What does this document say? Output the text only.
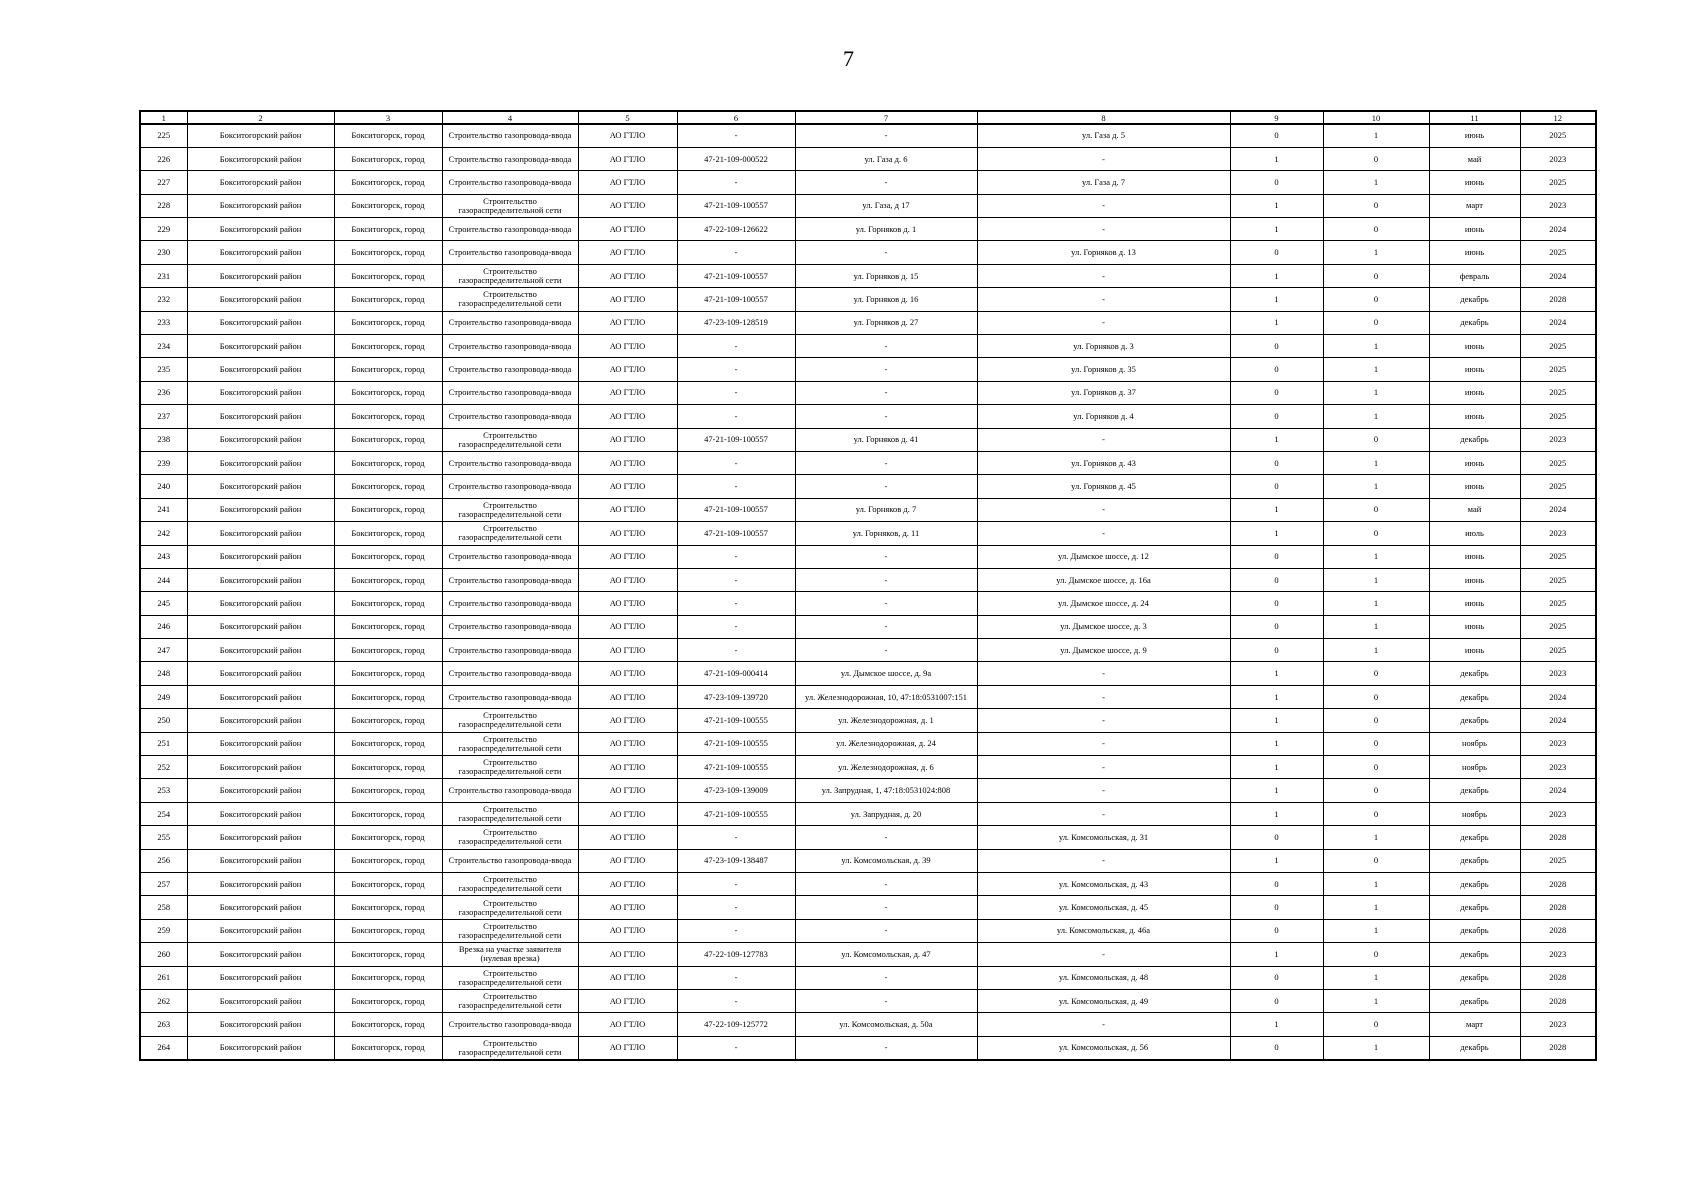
7
1	2	3	4	5	6	7	8	9	10	11	12
225	Бокситогорский район	Бокситогорск, город	Строительство газопровода-ввода	АО ГТЛО	-	-	ул. Газа д. 5	0	1	июнь	2025
226	Бокситогорский район	Бокситогорск, город	Строительство газопровода-ввода	АО ГТЛО	47-21-109-000522	ул. Газа д. 6	-	1	0	май	2023
227	Бокситогорский район	Бокситогорск, город	Строительство газопровода-ввода	АО ГТЛО	-	-	ул. Газа д. 7	0	1	июнь	2025
228	Бокситогорский район	Бокситогорск, город	Строительство газораспределительной сети	АО ГТЛО	47-21-109-100557	ул. Газа, д 17	-	1	0	март	2023
229	Бокситогорский район	Бокситогорск, город	Строительство газопровода-ввода	АО ГТЛО	47-22-109-126622	ул. Горняков д. 1	-	1	0	июнь	2024
230	Бокситогорский район	Бокситогорск, город	Строительство газопровода-ввода	АО ГТЛО	-	-	ул. Горняков д. 13	0	1	июнь	2025
231	Бокситогорский район	Бокситогорск, город	Строительство газораспределительной сети	АО ГТЛО	47-21-109-100557	ул. Горняков д. 15	-	1	0	февраль	2024
232	Бокситогорский район	Бокситогорск, город	Строительство газораспределительной сети	АО ГТЛО	47-21-109-100557	ул. Горняков д. 16	-	1	0	декабрь	2028
233	Бокситогорский район	Бокситогорск, город	Строительство газопровода-ввода	АО ГТЛО	47-23-109-128519	ул. Горняков д. 27	-	1	0	декабрь	2024
234	Бокситогорский район	Бокситогорск, город	Строительство газопровода-ввода	АО ГТЛО	-	-	ул. Горняков д. 3	0	1	июнь	2025
235	Бокситогорский район	Бокситогорск, город	Строительство газопровода-ввода	АО ГТЛО	-	-	ул. Горняков д. 35	0	1	июнь	2025
236	Бокситогорский район	Бокситогорск, город	Строительство газопровода-ввода	АО ГТЛО	-	-	ул. Горняков д. 37	0	1	июнь	2025
237	Бокситогорский район	Бокситогорск, город	Строительство газопровода-ввода	АО ГТЛО	-	-	ул. Горняков д. 4	0	1	июнь	2025
238	Бокситогорский район	Бокситогорск, город	Строительство газораспределительной сети	АО ГТЛО	47-21-109-100557	ул. Горняков д. 41	-	1	0	декабрь	2023
239	Бокситогорский район	Бокситогорск, город	Строительство газопровода-ввода	АО ГТЛО	-	-	ул. Горняков д. 43	0	1	июнь	2025
240	Бокситогорский район	Бокситогорск, город	Строительство газопровода-ввода	АО ГТЛО	-	-	ул. Горняков д. 45	0	1	июнь	2025
241	Бокситогорский район	Бокситогорск, город	Строительство газораспределительной сети	АО ГТЛО	47-21-109-100557	ул. Горняков д. 7	-	1	0	май	2024
242	Бокситогорский район	Бокситогорск, город	Строительство газораспределительной сети	АО ГТЛО	47-21-109-100557	ул. Горняков, д. 11	-	1	0	июль	2023
243	Бокситогорский район	Бокситогорск, город	Строительство газопровода-ввода	АО ГТЛО	-	-	ул. Дымское шоссе, д. 12	0	1	июнь	2025
244	Бокситогорский район	Бокситогорск, город	Строительство газопровода-ввода	АО ГТЛО	-	-	ул. Дымское шоссе, д. 16а	0	1	июнь	2025
245	Бокситогорский район	Бокситогорск, город	Строительство газопровода-ввода	АО ГТЛО	-	-	ул. Дымское шоссе, д. 24	0	1	июнь	2025
246	Бокситогорский район	Бокситогорск, город	Строительство газопровода-ввода	АО ГТЛО	-	-	ул. Дымское шоссе, д. 3	0	1	июнь	2025
247	Бокситогорский район	Бокситогорск, город	Строительство газопровода-ввода	АО ГТЛО	-	-	ул. Дымское шоссе, д. 9	0	1	июнь	2025
248	Бокситогорский район	Бокситогорск, город	Строительство газопровода-ввода	АО ГТЛО	47-21-109-000414	ул. Дымское шоссе, д. 9а	-	1	0	декабрь	2023
249	Бокситогорский район	Бокситогорск, город	Строительство газопровода-ввода	АО ГТЛО	47-23-109-139720	ул. Железнодорожная, 10, 47:18:0531007:151	-	1	0	декабрь	2024
250	Бокситогорский район	Бокситогорск, город	Строительство газораспределительной сети	АО ГТЛО	47-21-109-100555	ул. Железнодорожная, д. 1	-	1	0	декабрь	2024
251	Бокситогорский район	Бокситогорск, город	Строительство газораспределительной сети	АО ГТЛО	47-21-109-100555	ул. Железнодорожная, д. 24	-	1	0	ноябрь	2023
252	Бокситогорский район	Бокситогорск, город	Строительство газораспределительной сети	АО ГТЛО	47-21-109-100555	ул. Железнодорожная, д. 6	-	1	0	ноябрь	2023
253	Бокситогорский район	Бокситогорск, город	Строительство газопровода-ввода	АО ГТЛО	47-23-109-139009	ул. Запрудная, 1, 47:18:0531024:808	-	1	0	декабрь	2024
254	Бокситогорский район	Бокситогорск, город	Строительство газораспределительной сети	АО ГТЛО	47-21-109-100555	ул. Запрудная, д. 20	-	1	0	ноябрь	2023
255	Бокситогорский район	Бокситогорск, город	Строительство газораспределительной сети	АО ГТЛО	-	-	ул. Комсомольская, д. 31	0	1	декабрь	2028
256	Бокситогорский район	Бокситогорск, город	Строительство газопровода-ввода	АО ГТЛО	47-23-109-138487	ул. Комсомольская, д. 39	-	1	0	декабрь	2025
257	Бокситогорский район	Бокситогорск, город	Строительство газораспределительной сети	АО ГТЛО	-	-	ул. Комсомольская, д. 43	0	1	декабрь	2028
258	Бокситогорский район	Бокситогорск, город	Строительство газораспределительной сети	АО ГТЛО	-	-	ул. Комсомольская, д. 45	0	1	декабрь	2028
259	Бокситогорский район	Бокситогорск, город	Строительство газораспределительной сети	АО ГТЛО	-	-	ул. Комсомольская, д. 46а	0	1	декабрь	2028
260	Бокситогорский район	Бокситогорск, город	Врезка на участке заявителя (нулевая врезка)	АО ГТЛО	47-22-109-127783	ул. Комсомольская, д. 47	-	1	0	декабрь	2023
261	Бокситогорский район	Бокситогорск, город	Строительство газораспределительной сети	АО ГТЛО	-	-	ул. Комсомольская, д. 48	0	1	декабрь	2028
262	Бокситогорский район	Бокситогорск, город	Строительство газораспределительной сети	АО ГТЛО	-	-	ул. Комсомольская, д. 49	0	1	декабрь	2028
263	Бокситогорский район	Бокситогорск, город	Строительство газопровода-ввода	АО ГТЛО	47-22-109-125772	ул. Комсомольская, д. 50а	-	1	0	март	2023
264	Бокситогорский район	Бокситогорск, город	Строительство газораспределительной сети	АО ГТЛО	-	-	ул. Комсомольская, д. 56	0	1	декабрь	2028
